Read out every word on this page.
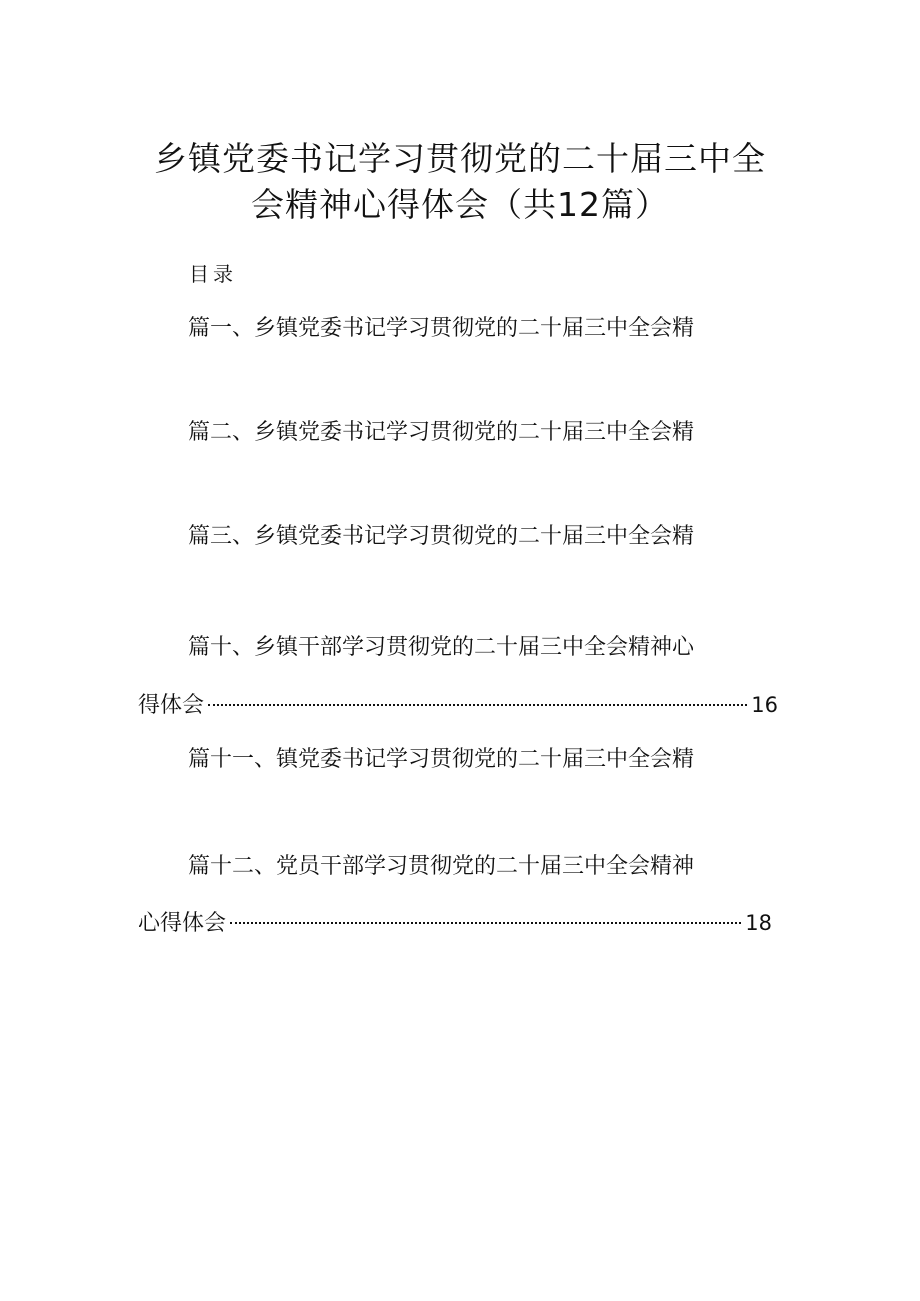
乡镇党委书记学习贯彻党的二十届三中全
会精神心得体会（共12篇）
目录
篇一、乡镇党委书记学习贯彻党的二十届三中全会精
篇二、乡镇党委书记学习贯彻党的二十届三中全会精
篇三、乡镇党委书记学习贯彻党的二十届三中全会精
篇十、乡镇干部学习贯彻党的二十届三中全会精神心
得体会	16
篇十一、镇党委书记学习贯彻党的二十届三中全会精
篇十二、党员干部学习贯彻党的二十届三中全会精神
心得体会	18
